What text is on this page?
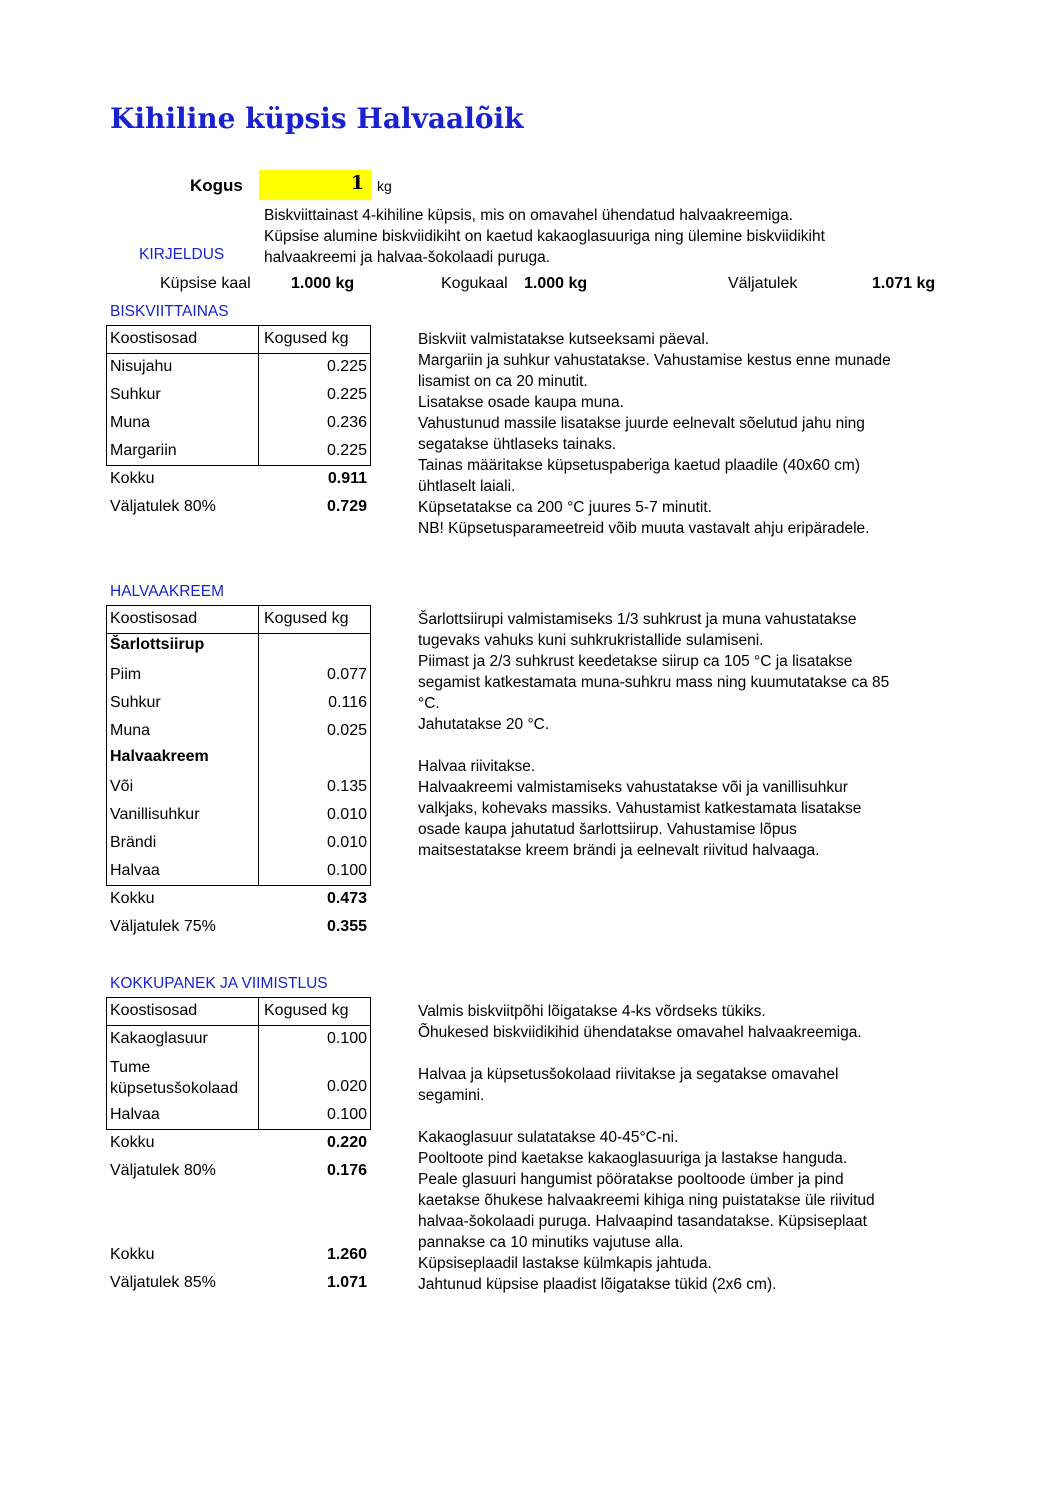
Kihiline küpsis Halvaalõik
Kogus	1 kg
Biskviittainast 4-kihiline küpsis, mis on omavahel ühendatud halvaakreemiga.
Küpsise alumine biskviidikiht on kaetud kakaoglasuuriga ning ülemine biskviidikiht
halvaakreemi ja halvaa-šokolaadi puruga.
KIRJELDUS
Küpsise kaal	1.000 kg	Kogukaal 1.000 kg	Väljatulek	1.071 kg
BISKVIITTAINAS
Koostisosad	Kogused kg
Nisujahu	0.225
Suhkur	0.225
Muna	0.236
Margariin	0.225
Kokku	0.911
Väljatulek 80%	0.729
Biskviit valmistatakse kutseeksami päeval.
Margariin ja suhkur vahustatakse. Vahustamise kestus enne munade
lisamist on ca 20 minutit.
Lisatakse osade kaupa muna.
Vahustunud massile lisatakse juurde eelnevalt sõelutud jahu ning
segatakse ühtlaseks tainaks.
Tainas määritakse küpsetuspaberiga kaetud plaadile (40x60 cm)
ühtlaselt laiali.
Küpsetatakse ca 200 °C juures 5-7 minutit.
NB! Küpsetusparameetreid võib muuta vastavalt ahju eripäradele.
HALVAAKREEM
Koostisosad	Kogused kg
Šarlottsiirup
Piim	0.077
Suhkur	0.116
Muna	0.025
Halvaakreem
Või	0.135
Vanillisuhkur	0.010
Brändi	0.010
Halvaa	0.100
Kokku	0.473
Väljatulek 75%	0.355
Šarlottsiirupi valmistamiseks 1/3 suhkrust ja muna vahustatakse
tugevaks vahuks kuni suhkrukristallide sulamiseni.
Piimast ja 2/3 suhkrust keedetakse siirup ca 105 °C ja lisatakse
segamist katkestamata muna-suhkru mass ning kuumutatakse ca 85
°C.
Jahutatakse 20 °C.
Halvaa riivitakse.
Halvaakreemi valmistamiseks vahustatakse või ja vanillisuhkur
valkjaks, kohevaks massiks. Vahustamist katkestamata lisatakse
osade kaupa jahutatud šarlottsiirup. Vahustamise lõpus
maitsestatakse kreem brändi ja eelnevalt riivitud halvaaga.
KOKKUPANEK JA VIIMISTLUS
Koostisosad	Kogused kg
Kakaoglasuur	0.100
Tume
küpsetusšokolaad	0.020
Halvaa	0.100
Kokku	0.220
Väljatulek 80%	0.176
Kokku	1.260
Väljatulek 85%	1.071
Valmis biskviitpõhi lõigatakse 4-ks võrdseks tükiks.
Õhukesed biskviidikihid ühendatakse omavahel halvaakreemiga.
Halvaa ja küpsetusšokolaad riivitakse ja segatakse omavahel
segamini.
Kakaoglasuur sulatatakse 40-45°C-ni.
Pooltoote pind kaetakse kakaoglasuuriga ja lastakse hanguda.
Peale glasuuri hangumist pööratakse pooltoode ümber ja pind
kaetakse õhukese halvaakreemi kihiga ning puistatakse üle riivitud
halvaa-šokolaadi puruga. Halvaapind tasandatakse. Küpsiseplaat
pannakse ca 10 minutiks vajutuse alla.
Küpsiseplaadil lastakse külmkapis jahtuda.
Jahtunud küpsise plaadist lõigatakse tükid (2x6 cm).
